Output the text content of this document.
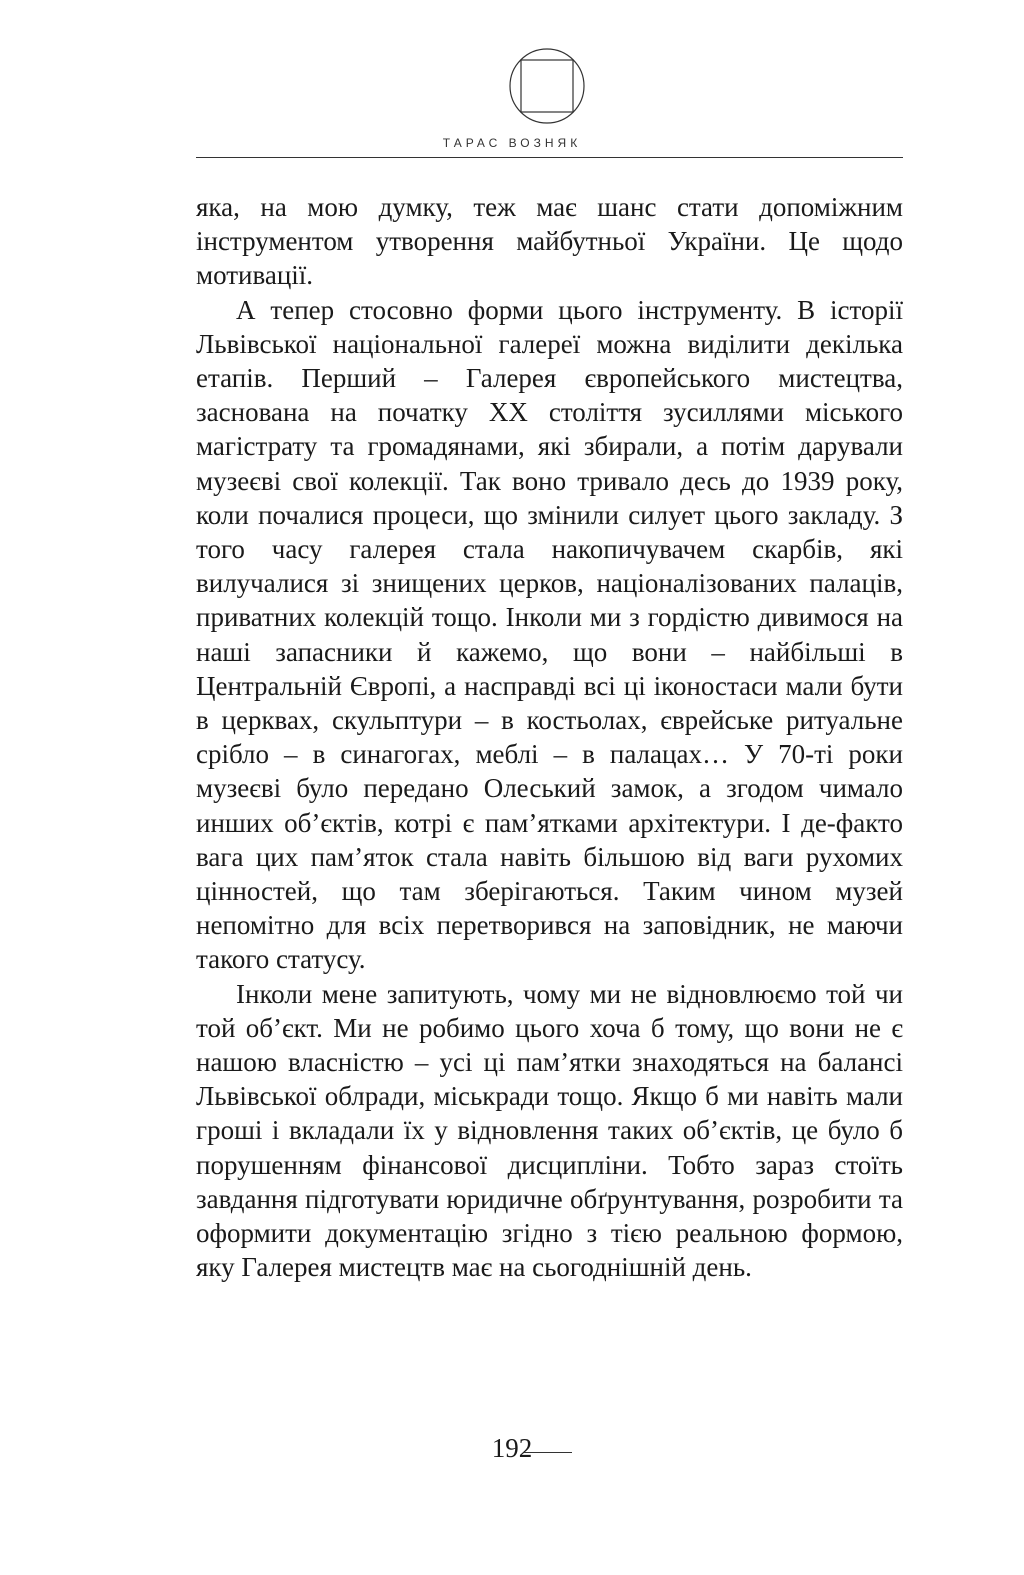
ТАРАС ВОЗНЯК

яка, на мою думку, теж має шанс стати допоміжним інструментом утворення майбутньої України. Це щодо мотивації.

А тепер стосовно форми цього інструменту. В історії Львівської національної галереї можна виділити декілька етапів. Перший – Галерея європейського мистецтва, заснована на початку XX століття зусиллями міського магістрату та громадянами, які збирали, а потім дарували музеєві свої колекції. Так воно тривало десь до 1939 року, коли почалися процеси, що змінили силует цього закладу. З того часу галерея стала накопичувачем скарбів, які вилучалися зі знищених церков, націоналізованих палаців, приватних колекцій тощо. Інколи ми з гордістю дивимося на наші запасники й кажемо, що вони – найбільші в Центральній Європі, а насправді всі ці іконостаси мали бути в церквах, скульптури – в костьолах, єврейське ритуальне срібло – в синагогах, меблі – в палацах… У 70-ті роки музеєві було передано Олеський замок, а згодом чимало инших об’єктів, котрі є пам’ятками архітектури. І де-факто вага цих пам’яток стала навіть більшою від ваги рухомих цінностей, що там зберігаються. Таким чином музей непомітно для всіх перетворився на заповідник, не маючи такого статусу.

Інколи мене запитують, чому ми не відновлюємо той чи той об’єкт. Ми не робимо цього хоча б тому, що вони не є нашою власністю – усі ці пам’ятки знаходяться на балансі Львівської облради, міськради тощо. Якщо б ми навіть мали гроші і вкладали їх у відновлення таких об’єктів, це було б порушенням фінансової дисципліни. Тобто зараз стоїть завдання підготувати юридичне обґрунтування, розробити та оформити документацію згідно з тією реальною формою, яку Галерея мистецтв має на сьогоднішній день.

192
